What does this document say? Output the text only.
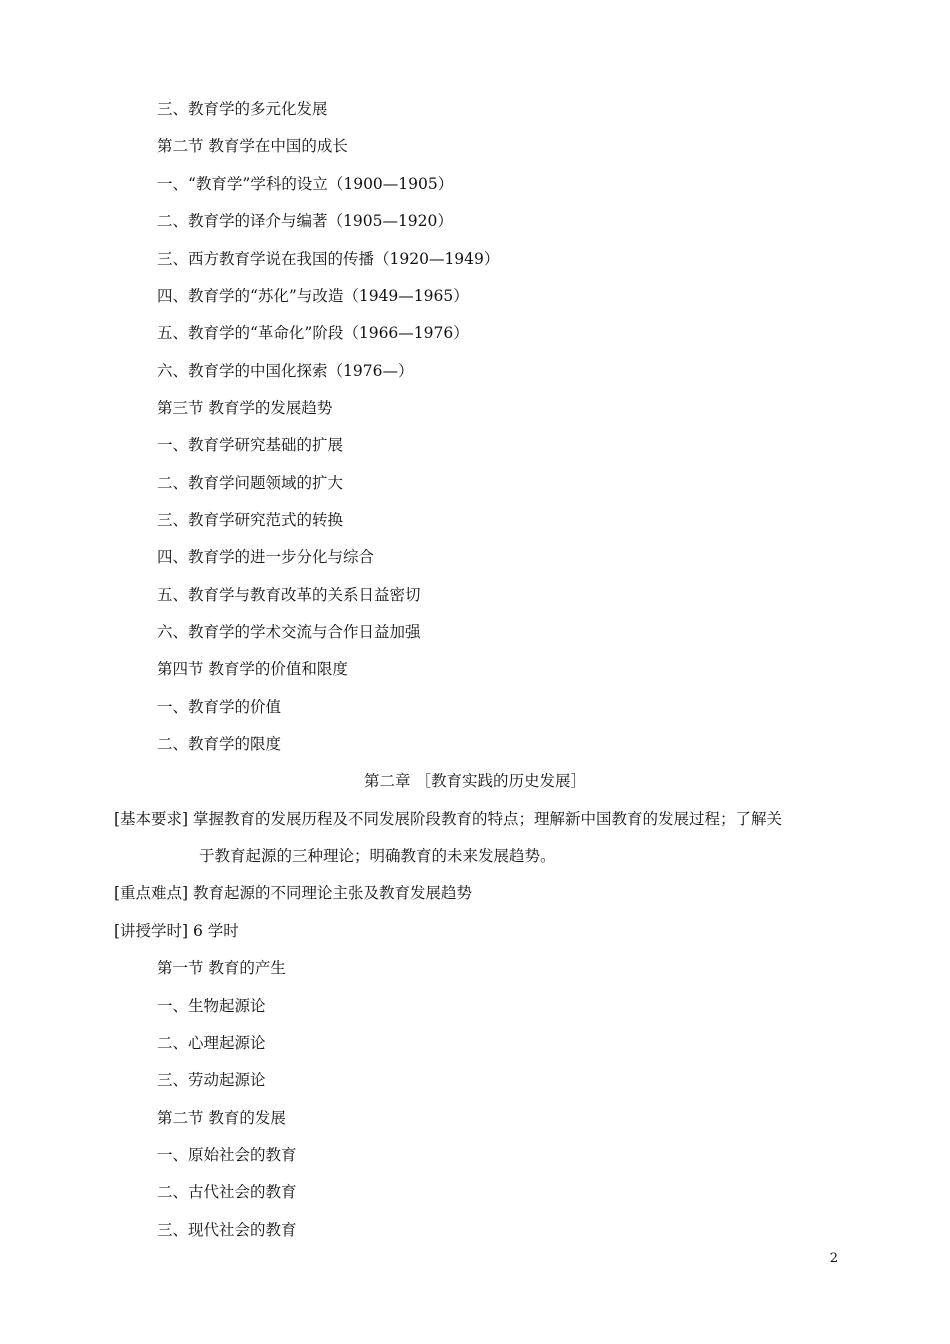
三、教育学的多元化发展
第二节 教育学在中国的成长
一、“教育学”学科的设立（1900—1905）
二、教育学的译介与编著（1905—1920）
三、西方教育学说在我国的传播（1920—1949）
四、教育学的“苏化”与改造（1949—1965）
五、教育学的“革命化”阶段（1966—1976）
六、教育学的中国化探索（1976—）
第三节 教育学的发展趋势
一、教育学研究基础的扩展
二、教育学问题领域的扩大
三、教育学研究范式的转换
四、教育学的进一步分化与综合
五、教育学与教育改革的关系日益密切
六、教育学的学术交流与合作日益加强
第四节 教育学的价值和限度
一、教育学的价值
二、教育学的限度
第二章 ［教育实践的历史发展］
[基本要求] 掌握教育的发展历程及不同发展阶段教育的特点；理解新中国教育的发展过程；了解关
于教育起源的三种理论；明确教育的未来发展趋势。
[重点难点] 教育起源的不同理论主张及教育发展趋势
[讲授学时] 6 学时
第一节 教育的产生
一、生物起源论
二、心理起源论
三、劳动起源论
第二节 教育的发展
一、原始社会的教育
二、古代社会的教育
三、现代社会的教育
2
